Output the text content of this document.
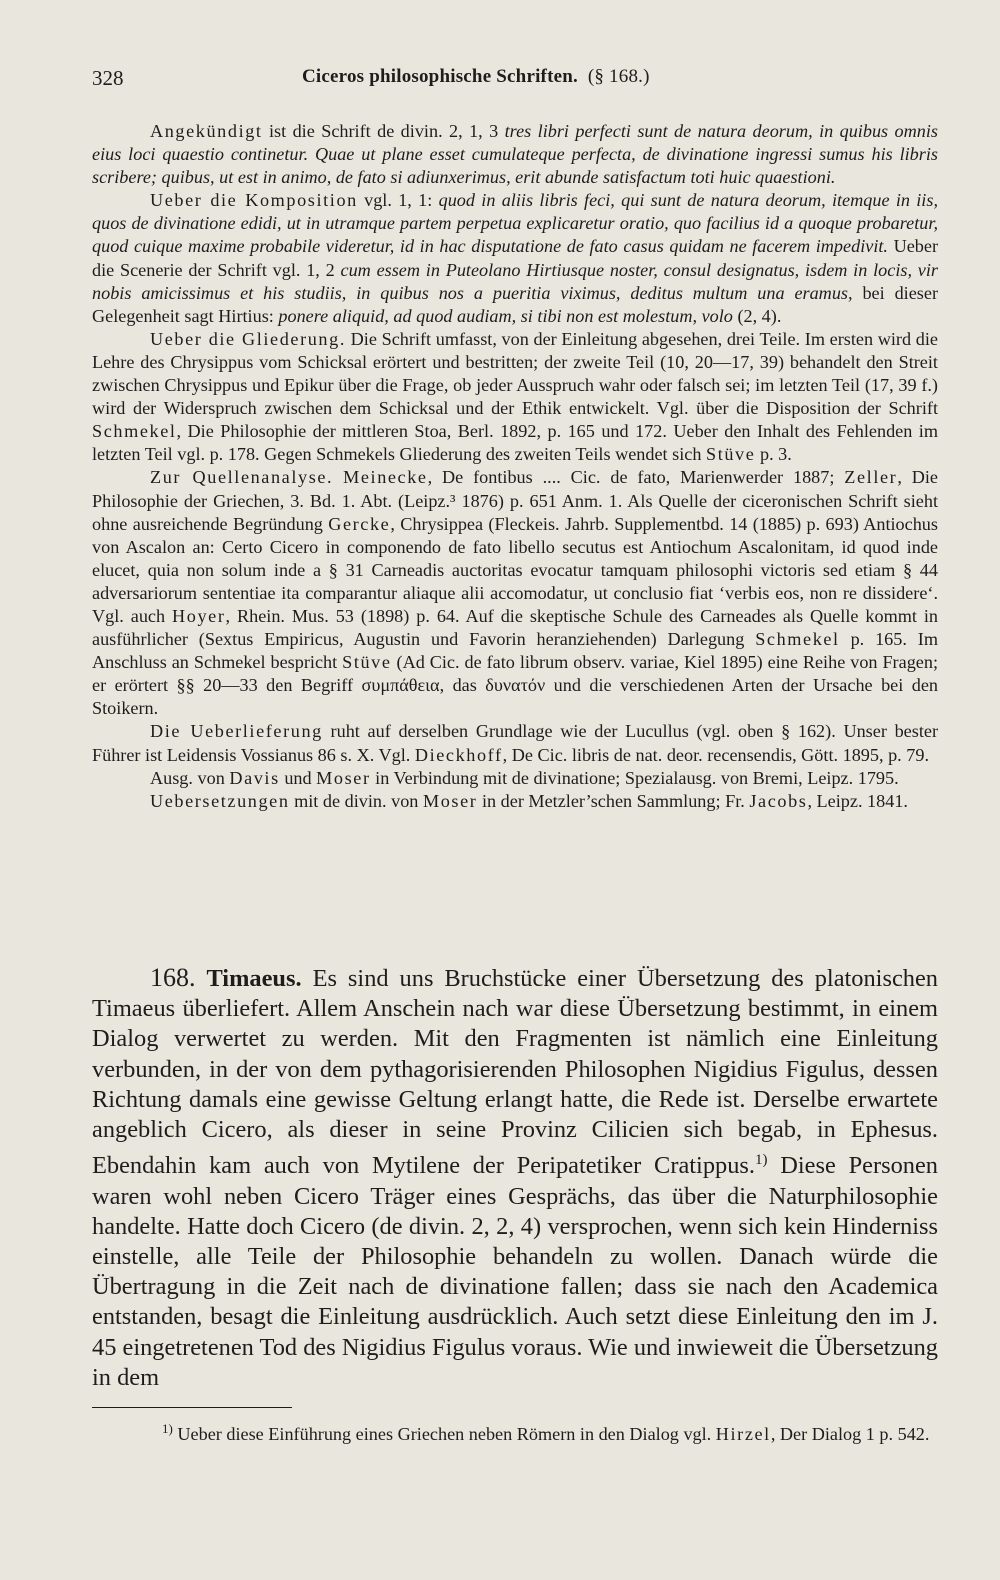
328	Ciceros philosophische Schriften. (§ 168.)

Angekündigt ist die Schrift de divin. 2, 1, 3 tres libri perfecti sunt de natura deorum, in quibus omnis eius loci quaestio continetur. Quae ut plane esset cumulateque perfecta, de divinatione ingressi sumus his libris scribere; quibus, ut est in animo, de fato si adiunxerimus, erit abunde satisfactum toti huic quaestioni.

Ueber die Komposition vgl. 1, 1: quod in aliis libris feci, qui sunt de natura deorum, itemque in iis, quos de divinatione edidi, ut in utramque partem perpetua explicaretur oratio, quo facilius id a quoque probaretur, quod cuique maxime probabile videretur, id in hac disputatione de fato casus quidam ne facerem impedivit. Ueber die Scenerie der Schrift vgl. 1, 2 cum essem in Puteolano Hirtiusque noster, consul designatus, isdem in locis, vir nobis amicissimus et his studiis, in quibus nos a pueritia viximus, deditus multum una eramus, bei dieser Gelegenheit sagt Hirtius: ponere aliquid, ad quod audiam, si tibi non est molestum, volo (2, 4).

Ueber die Gliederung. Die Schrift umfasst, von der Einleitung abgesehen, drei Teile. Im ersten wird die Lehre des Chrysippus vom Schicksal erörtert und bestritten; der zweite Teil (10, 20—17, 39) behandelt den Streit zwischen Chrysippus und Epikur über die Frage, ob jeder Ausspruch wahr oder falsch sei; im letzten Teil (17, 39 f.) wird der Widerspruch zwischen dem Schicksal und der Ethik entwickelt. Vgl. über die Disposition der Schrift Schmekel, Die Philosophie der mittleren Stoa, Berl. 1892, p. 165 und 172. Ueber den Inhalt des Fehlenden im letzten Teil vgl. p. 178. Gegen Schmekels Gliederung des zweiten Teils wendet sich Stüve p. 3.

Zur Quellenanalyse. Meinecke, De fontibus .... Cic. de fato, Marienwerder 1887; Zeller, Die Philosophie der Griechen, 3. Bd. 1. Abt. (Leipz.³ 1876) p. 651 Anm. 1. Als Quelle der ciceronischen Schrift sieht ohne ausreichende Begründung Gercke, Chrysippea (Fleckeis. Jahrb. Supplementbd. 14 (1885) p. 693) Antiochus von Ascalon an: Certo Cicero in componendo de fato libello secutus est Antiochum Ascalonitam, id quod inde elucet, quia non solum inde a § 31 Carneadis auctoritas evocatur tamquam philosophi victoris sed etiam § 44 adversariorum sententiae ita comparantur aliaque alii accomodatur, ut conclusio fiat ‘verbis eos, non re dissidere‘. Vgl. auch Hoyer, Rhein. Mus. 53 (1898) p. 64. Auf die skeptische Schule des Carneades als Quelle kommt in ausführlicher (Sextus Empiricus, Augustin und Favorin heranziehenden) Darlegung Schmekel p. 165. Im Anschluss an Schmekel bespricht Stüve (Ad Cic. de fato librum observ. variae, Kiel 1895) eine Reihe von Fragen; er erörtert §§ 20—33 den Begriff συμπάθεια, das δυνατόν und die verschiedenen Arten der Ursache bei den Stoikern.

Die Ueberlieferung ruht auf derselben Grundlage wie der Lucullus (vgl. oben § 162). Unser bester Führer ist Leidensis Vossianus 86 s. X. Vgl. Dieckhoff, De Cic. libris de nat. deor. recensendis, Gött. 1895, p. 79.

Ausg. von Davis und Moser in Verbindung mit de divinatione; Spezialausg. von Bremi, Leipz. 1795.

Uebersetzungen mit de divin. von Moser in der Metzler’schen Sammlung; Fr. Jacobs, Leipz. 1841.

168. Timaeus. Es sind uns Bruchstücke einer Übersetzung des platonischen Timaeus überliefert. Allem Anschein nach war diese Übersetzung bestimmt, in einem Dialog verwertet zu werden. Mit den Fragmenten ist nämlich eine Einleitung verbunden, in der von dem pythagorisierenden Philosophen Nigidius Figulus, dessen Richtung damals eine gewisse Geltung erlangt hatte, die Rede ist. Derselbe erwartete angeblich Cicero, als dieser in seine Provinz Cilicien sich begab, in Ephesus. Ebendahin kam auch von Mytilene der Peripatetiker Cratippus.$^{1)}$ Diese Personen waren wohl neben Cicero Träger eines Gesprächs, das über die Naturphilosophie handelte. Hatte doch Cicero (de divin. 2, 2, 4) versprochen, wenn sich kein Hinderniss einstelle, alle Teile der Philosophie behandeln zu wollen. Danach würde die Übertragung in die Zeit nach de divinatione fallen; dass sie nach den Academica entstanden, besagt die Einleitung ausdrücklich. Auch setzt diese Einleitung den im J. 45 eingetretenen Tod des Nigidius Figulus voraus. Wie und inwieweit die Übersetzung in dem

$^{1)}$ Ueber diese Einführung eines Griechen neben Römern in den Dialog vgl. Hirzel, Der Dialog 1 p. 542.
